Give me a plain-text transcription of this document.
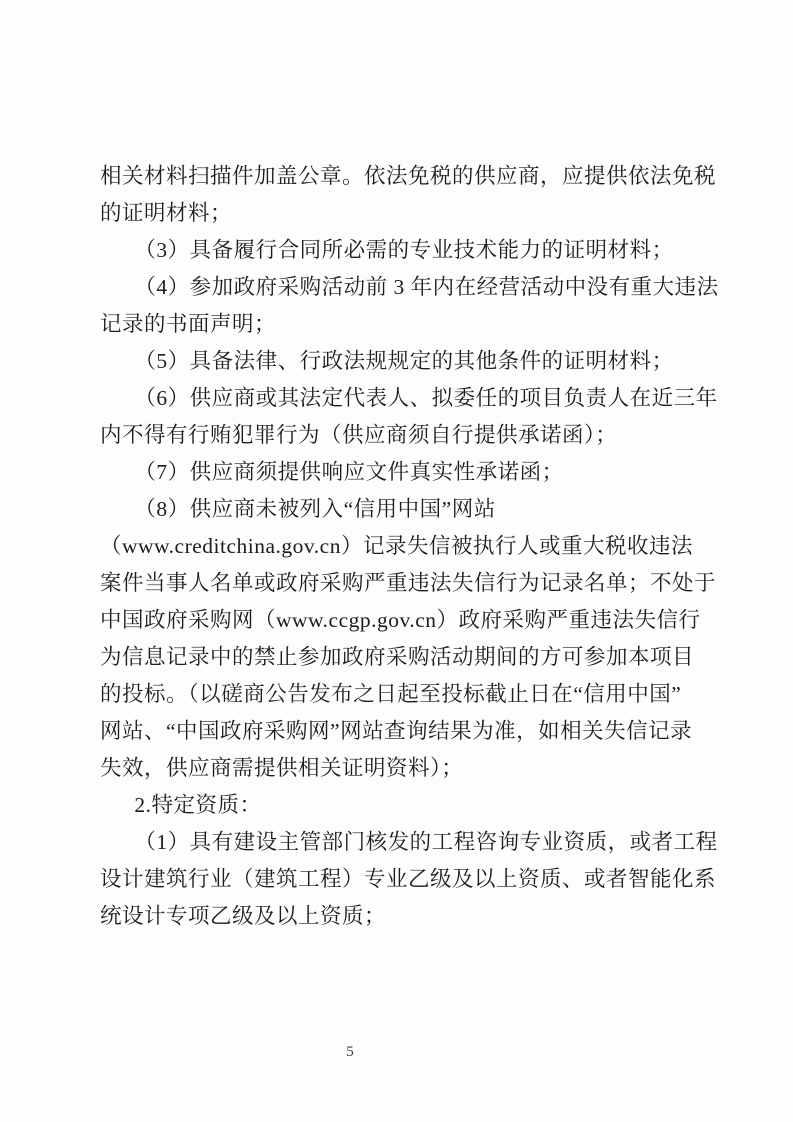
相关材料扫描件加盖公章。依法免税的供应商，应提供依法免税
的证明材料；
（3）具备履行合同所必需的专业技术能力的证明材料；
（4）参加政府采购活动前 3 年内在经营活动中没有重大违法
记录的书面声明；
（5）具备法律、行政法规规定的其他条件的证明材料；
（6）供应商或其法定代表人、拟委任的项目负责人在近三年
内不得有行贿犯罪行为（供应商须自行提供承诺函）；
（7）供应商须提供响应文件真实性承诺函；
（8）供应商未被列入“信用中国”网站
（www.creditchina.gov.cn）记录失信被执行人或重大税收违法
案件当事人名单或政府采购严重违法失信行为记录名单；不处于
中国政府采购网（www.ccgp.gov.cn）政府采购严重违法失信行
为信息记录中的禁止参加政府采购活动期间的方可参加本项目
的投标。（以磋商公告发布之日起至投标截止日在“信用中国”
网站、“中国政府采购网”网站查询结果为准，如相关失信记录
失效，供应商需提供相关证明资料）；
2.特定资质：
（1）具有建设主管部门核发的工程咨询专业资质，或者工程
设计建筑行业（建筑工程）专业乙级及以上资质、或者智能化系
统设计专项乙级及以上资质；
5
